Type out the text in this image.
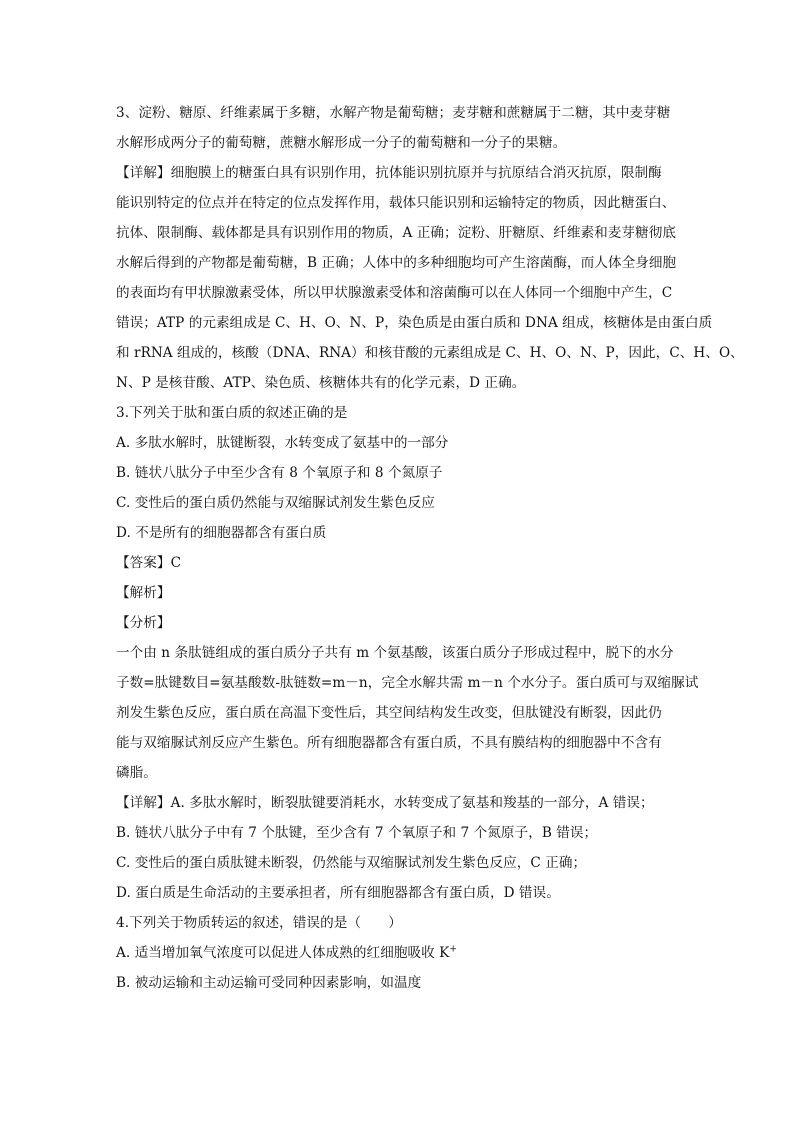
3、淀粉、糖原、纤维素属于多糖，水解产物是葡萄糖；麦芽糖和蔗糖属于二糖，其中麦芽糖
水解形成两分子的葡萄糖，蔗糖水解形成一分子的葡萄糖和一分子的果糖。
【详解】细胞膜上的糖蛋白具有识别作用，抗体能识别抗原并与抗原结合消灭抗原，限制酶
能识别特定的位点并在特定的位点发挥作用，载体只能识别和运输特定的物质，因此糖蛋白、
抗体、限制酶、载体都是具有识别作用的物质，A 正确；淀粉、肝糖原、纤维素和麦芽糖彻底
水解后得到的产物都是葡萄糖，B 正确；人体中的多种细胞均可产生溶菌酶，而人体全身细胞
的表面均有甲状腺激素受体，所以甲状腺激素受体和溶菌酶可以在人体同一个细胞中产生，C
错误；ATP 的元素组成是 C、H、O、N、P，染色质是由蛋白质和 DNA 组成，核糖体是由蛋白质
和 rRNA 组成的，核酸（DNA、RNA）和核苷酸的元素组成是 C、H、O、N、P，因此，C、H、O、
N、P 是核苷酸、ATP、染色质、核糖体共有的化学元素，D 正确。
3.下列关于肽和蛋白质的叙述正确的是
A. 多肽水解时，肽键断裂，水转变成了氨基中的一部分
B. 链状八肽分子中至少含有 8 个氧原子和 8 个氮原子
C. 变性后的蛋白质仍然能与双缩脲试剂发生紫色反应
D. 不是所有的细胞器都含有蛋白质
【答案】C
【解析】
【分析】
一个由 n 条肽链组成的蛋白质分子共有 m 个氨基酸，该蛋白质分子形成过程中，脱下的水分
子数=肽键数目=氨基酸数-肽链数=m－n，完全水解共需 m－n 个水分子。蛋白质可与双缩脲试
剂发生紫色反应，蛋白质在高温下变性后，其空间结构发生改变，但肽键没有断裂，因此仍
能与双缩脲试剂反应产生紫色。所有细胞器都含有蛋白质，不具有膜结构的细胞器中不含有
磷脂。
【详解】A. 多肽水解时，断裂肽键要消耗水，水转变成了氨基和羧基的一部分，A 错误；
B. 链状八肽分子中有 7 个肽键，至少含有 7 个氧原子和 7 个氮原子，B 错误；
C. 变性后的蛋白质肽键未断裂，仍然能与双缩脲试剂发生紫色反应，C 正确；
D. 蛋白质是生命活动的主要承担者，所有细胞器都含有蛋白质，D 错误。
4.下列关于物质转运的叙述，错误的是（　　）
A. 适当增加氧气浓度可以促进人体成熟的红细胞吸收 K+
B. 被动运输和主动运输可受同种因素影响，如温度
